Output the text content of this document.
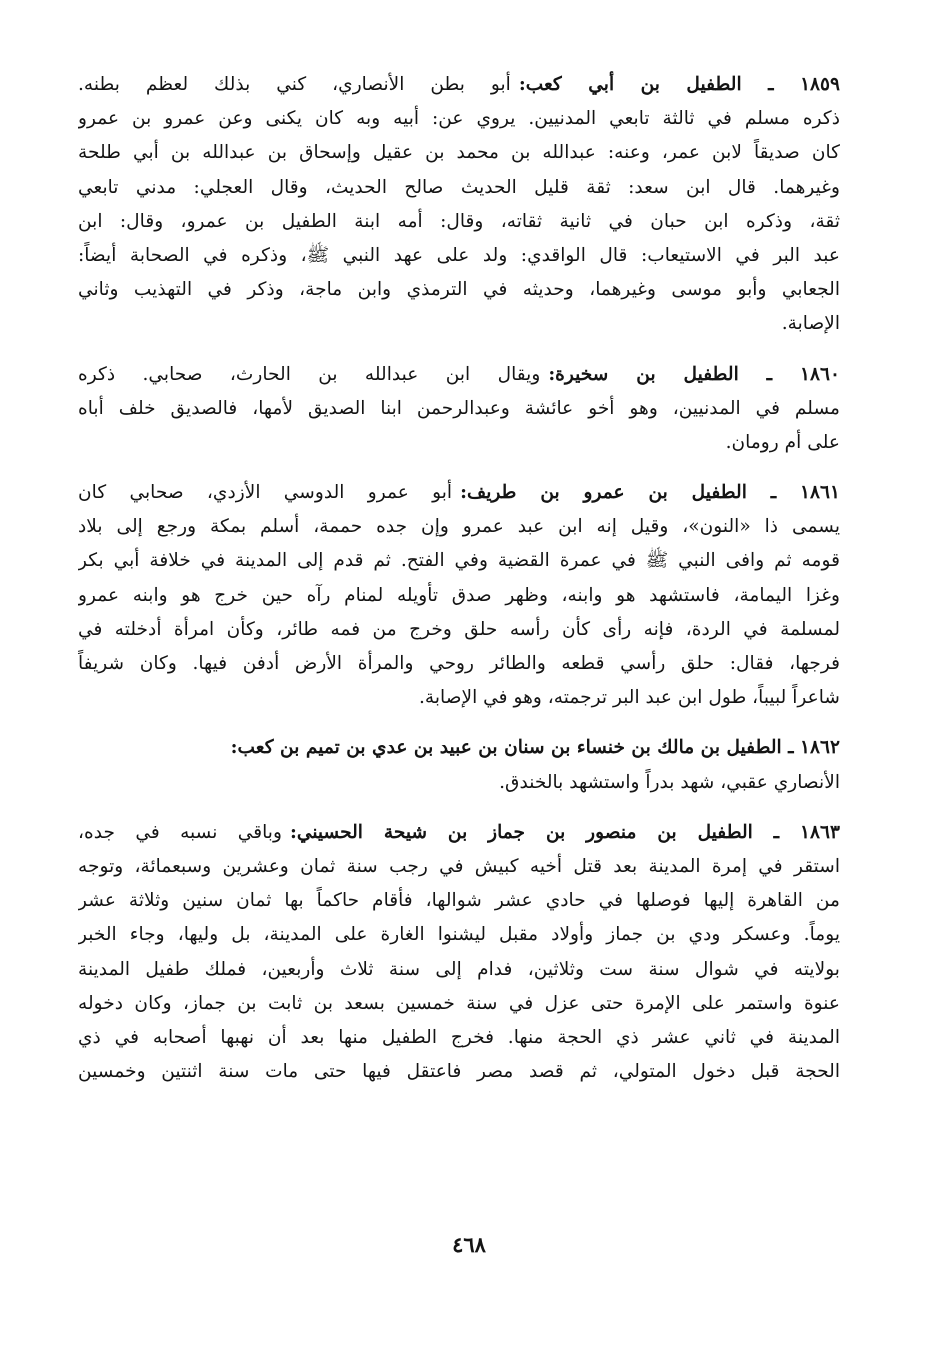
١٨٥٩ ـ الطفيل بن أبي كعب:أبو بطن الأنصاري، كني بذلك لعظم بطنه.
ذكره مسلم في ثالثة تابعي المدنيين. يروي عن: أبيه وبه كان يكنى وعن عمرو بن عمرو
كان صديقاً لابن عمر، وعنه: عبدالله بن محمد بن عقيل وإسحاق بن عبدالله بن أبي طلحة
وغيرهما. قال ابن سعد: ثقة قليل الحديث صالح الحديث، وقال العجلي: مدني تابعي
ثقة، وذكره ابن حبان في ثانية ثقاته، وقال: أمه ابنة الطفيل بن عمرو، وقال: ابن
عبد البر في الاستيعاب: قال الواقدي: ولد على عهد النبي ﷺ، وذكره في الصحابة أيضاً:
الجعابي وأبو موسى وغيرهما، وحديثه في الترمذي وابن ماجة، وذكر في التهذيب وثاني
الإصابة.
١٨٦٠ ـ الطفيل بن سخيرة:ويقال ابن عبدالله بن الحارث، صحابي. ذكره
مسلم في المدنيين، وهو أخو عائشة وعبدالرحمن ابنا الصديق لأمها، فالصديق خلف أباه
على أم رومان.
١٨٦١ ـ الطفيل بن عمرو بن طريف:أبو عمرو الدوسي الأزدي، صحابي كان
يسمى ذا «النون»، وقيل إنه ابن عبد عمرو وإن جده حممة، أسلم بمكة ورجع إلى بلاد
قومه ثم وافى النبي ﷺ في عمرة القضية وفي الفتح. ثم قدم إلى المدينة في خلافة أبي بكر
وغزا اليمامة، فاستشهد هو وابنه، وظهر صدق تأويله لمنام رآه حين خرج هو وابنه عمرو
لمسلمة في الردة، فإنه رأى كأن رأسه حلق وخرج من فمه طائر، وكأن امرأة أدخلته في
فرجها، فقال: حلق رأسي قطعه والطائر روحي والمرأة الأرض أدفن فيها. وكان شريفاً
شاعراً لبيباً، طول ابن عبد البر ترجمته، وهو في الإصابة.
١٨٦٢ ـ الطفيل بن مالك بن خنساء بن سنان بن عبيد بن عدي بن تميم بن كعب:
الأنصاري عقبي، شهد بدراً واستشهد بالخندق.
١٨٦٣ ـ الطفيل بن منصور بن جماز بن شيحة الحسيني:وباقي نسبه في جده،
استقر في إمرة المدينة بعد قتل أخيه كبيش في رجب سنة ثمان وعشرين وسبعمائة، وتوجه
من القاهرة إليها فوصلها في حادي عشر شوالها، فأقام حاكماً بها ثمان سنين وثلاثة عشر
يوماً. وعسكر ودي بن جماز وأولاد مقبل ليشنوا الغارة على المدينة، بل وليها، وجاء الخبر
بولايته في شوال سنة ست وثلاثين، فدام إلى سنة ثلاث وأربعين، فملك طفيل المدينة
عنوة واستمر على الإمرة حتى عزل في سنة خمسين بسعد بن ثابت بن جماز، وكان دخوله
المدينة في ثاني عشر ذي الحجة منها. فخرج الطفيل منها بعد أن نهبها أصحابه في ذي
الحجة قبل دخول المتولي، ثم قصد مصر فاعتقل فيها حتى مات سنة اثنتين وخمسين
٤٦٨
